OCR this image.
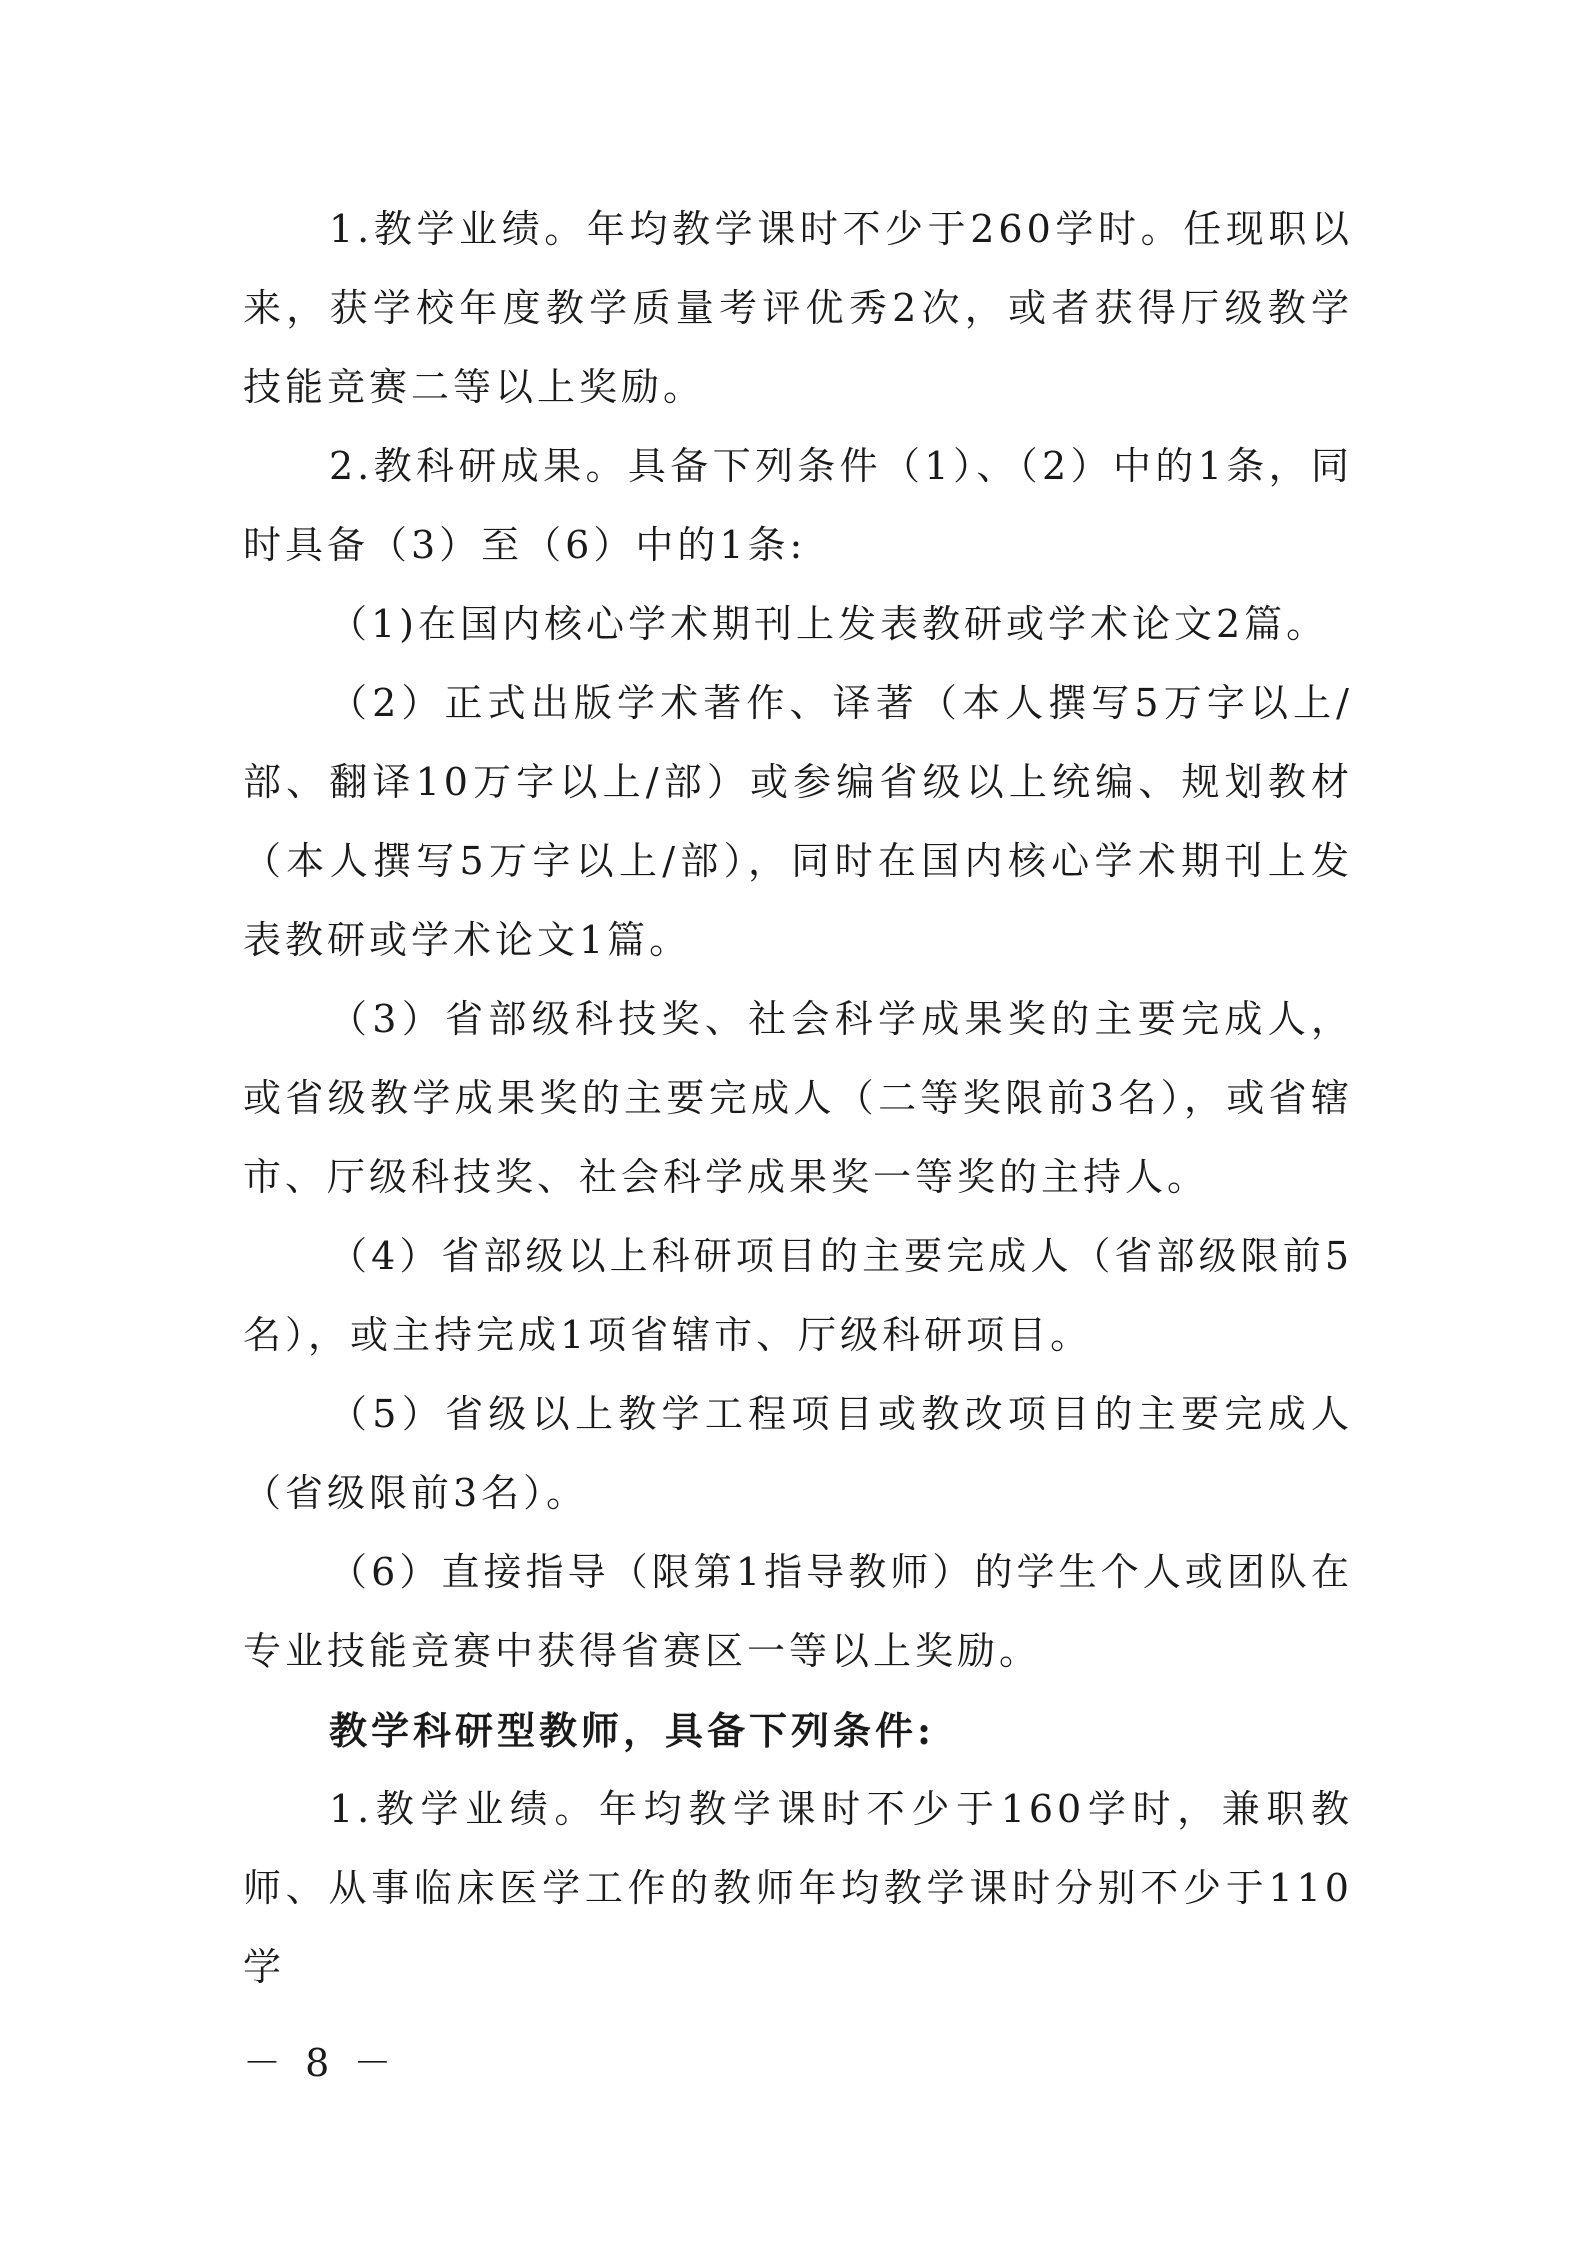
1.教学业绩。年均教学课时不少于260学时。任现职以来，获学校年度教学质量考评优秀2次，或者获得厅级教学技能竞赛二等以上奖励。

2.教科研成果。具备下列条件（1）、（2）中的1条，同时具备（3）至（6）中的1条:

（1)在国内核心学术期刊上发表教研或学术论文2篇。

（2）正式出版学术著作、译著（本人撰写5万字以上/部、翻译10万字以上/部）或参编省级以上统编、规划教材（本人撰写5万字以上/部），同时在国内核心学术期刊上发表教研或学术论文1篇。

（3）省部级科技奖、社会科学成果奖的主要完成人，或省级教学成果奖的主要完成人（二等奖限前3名），或省辖市、厅级科技奖、社会科学成果奖一等奖的主持人。

（4）省部级以上科研项目的主要完成人（省部级限前5名），或主持完成1项省辖市、厅级科研项目。

（5）省级以上教学工程项目或教改项目的主要完成人（省级限前3名）。

（6）直接指导（限第1指导教师）的学生个人或团队在专业技能竞赛中获得省赛区一等以上奖励。

教学科研型教师，具备下列条件:

1.教学业绩。年均教学课时不少于160学时，兼职教师、从事临床医学工作的教师年均教学课时分别不少于110学

－ 8 －
